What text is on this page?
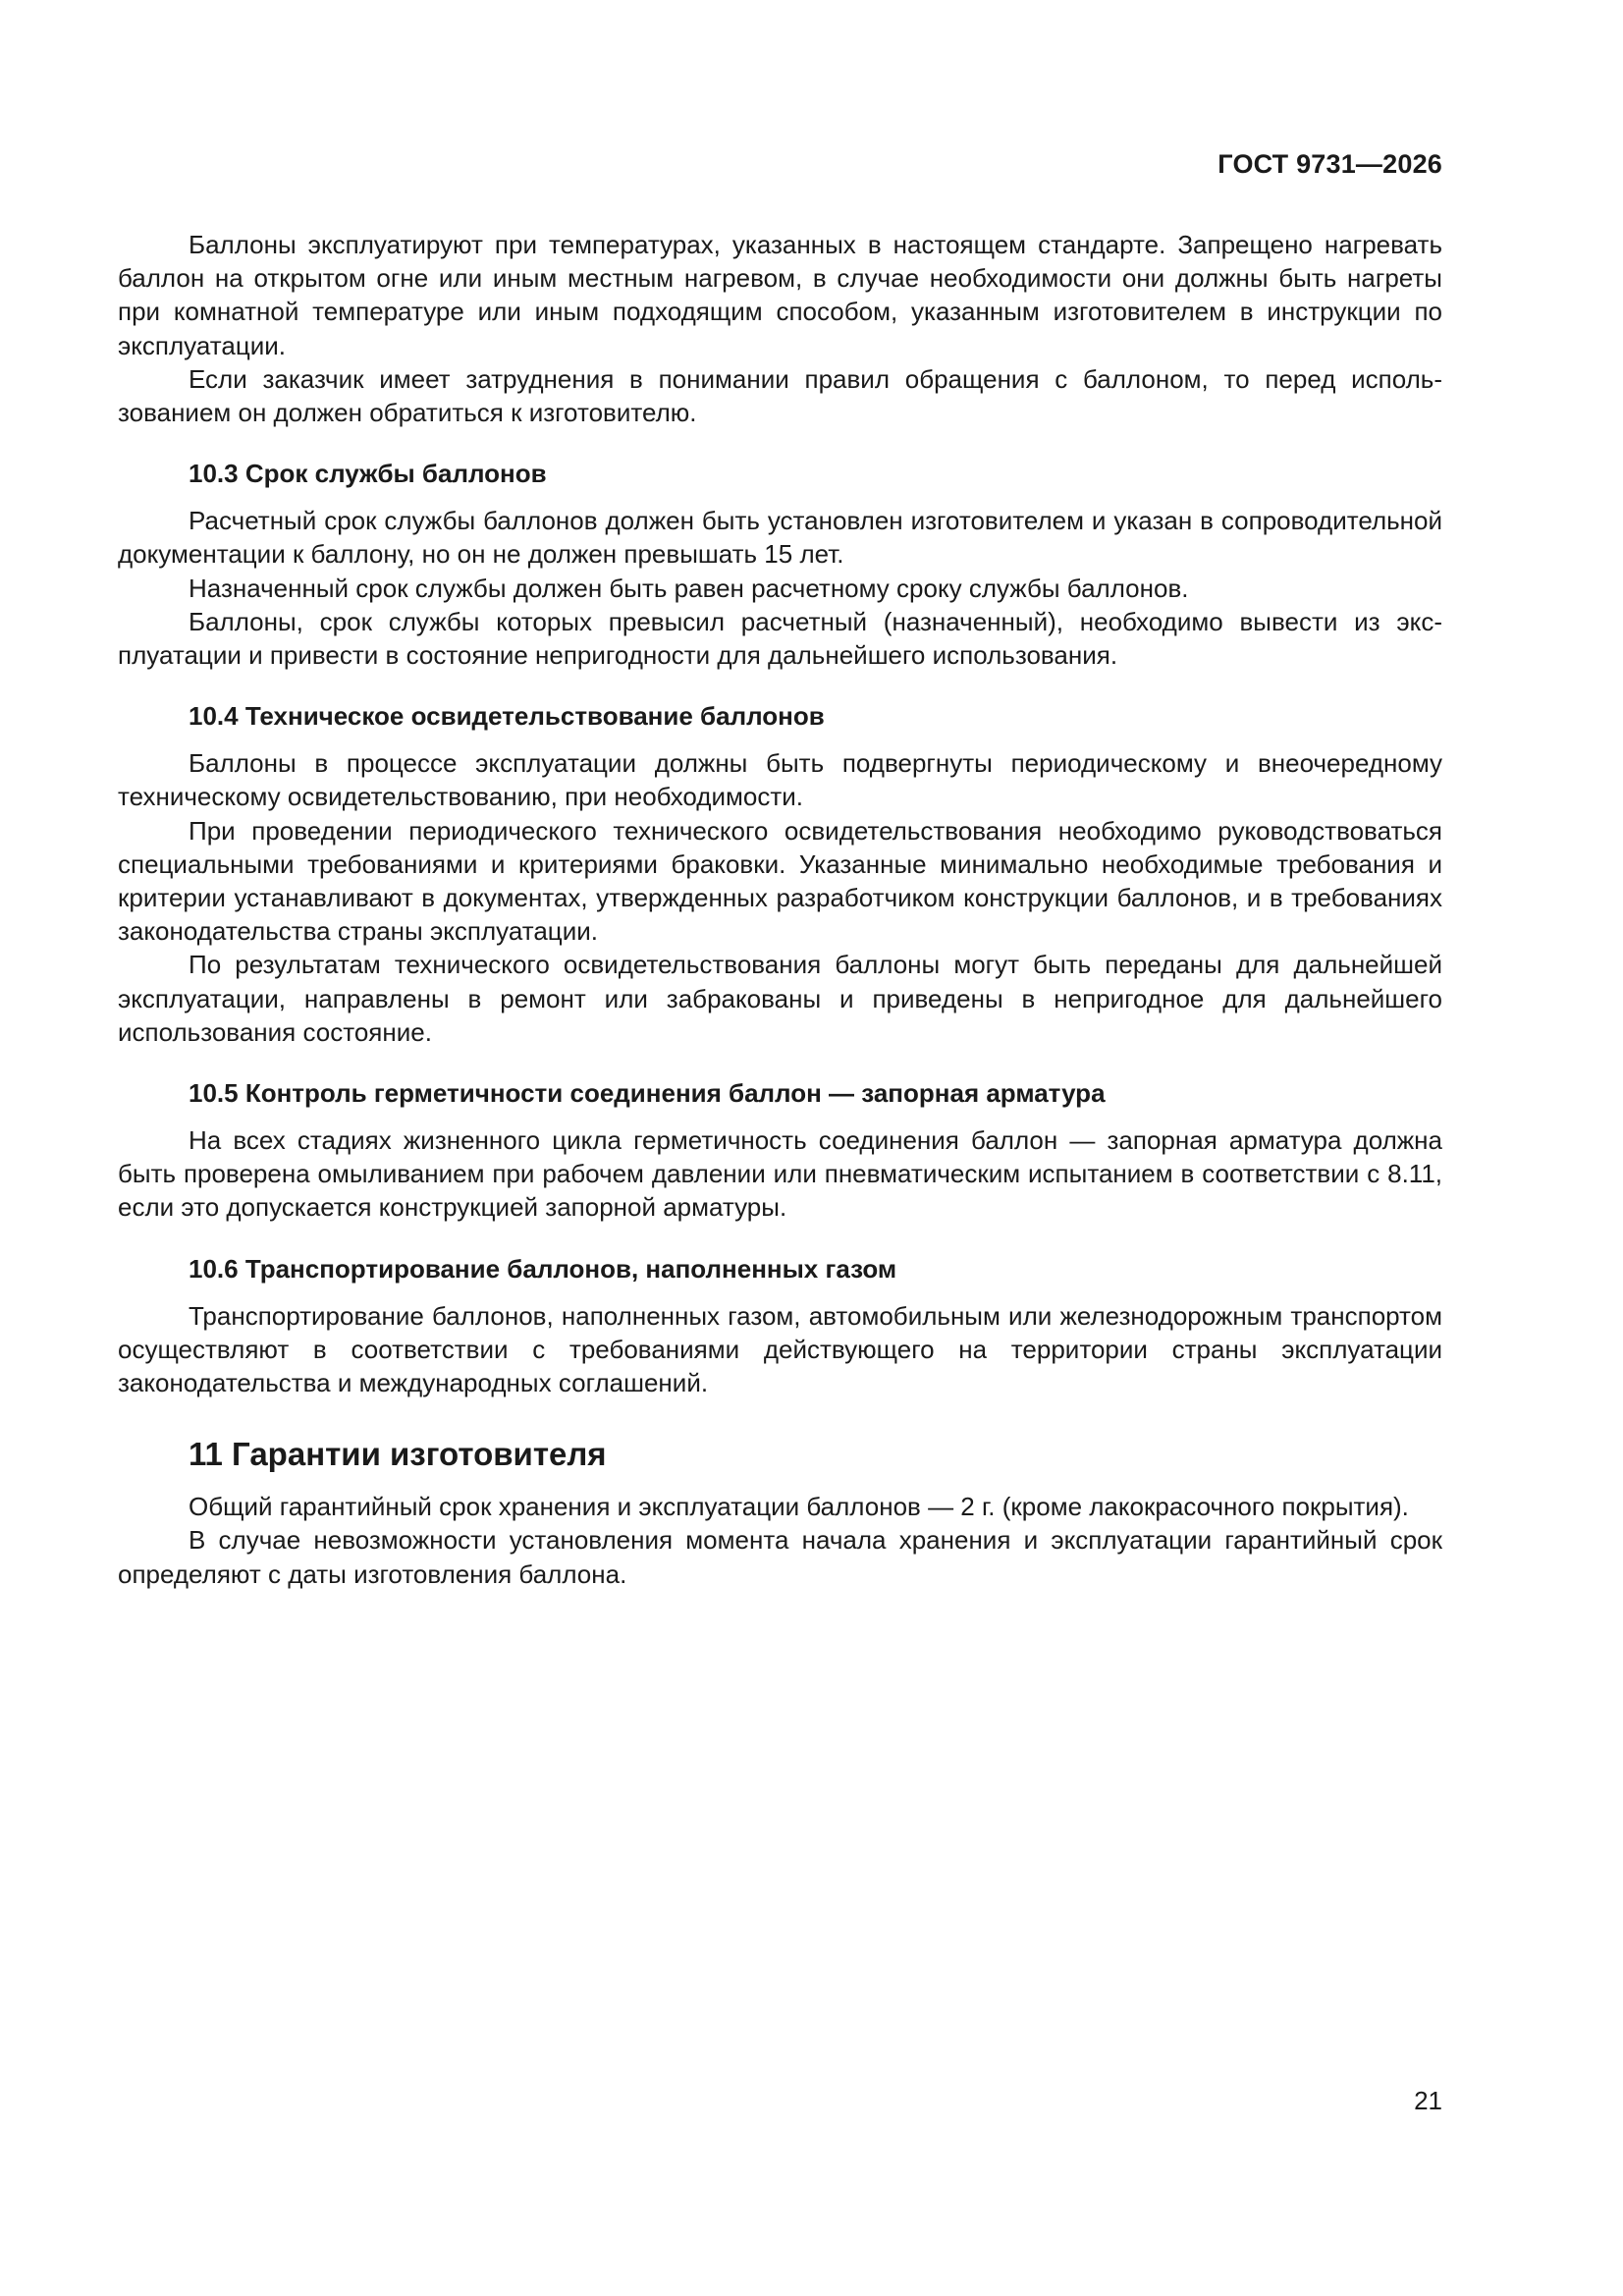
ГОСТ 9731—2026

Баллоны эксплуатируют при температурах, указанных в настоящем стандарте. Запрещено нагревать баллон на открытом огне или иным местным нагревом, в случае необходимости они должны быть нагреты при комнатной температуре или иным подходящим способом, указанным изготовителем в инструкции по эксплуатации.

Если заказчик имеет затруднения в понимании правил обращения с баллоном, то перед использованием он должен обратиться к изготовителю.

10.3 Срок службы баллонов

Расчетный срок службы баллонов должен быть установлен изготовителем и указан в сопроводительной документации к баллону, но он не должен превышать 15 лет.

Назначенный срок службы должен быть равен расчетному сроку службы баллонов.

Баллоны, срок службы которых превысил расчетный (назначенный), необходимо вывести из эксплуатации и привести в состояние непригодности для дальнейшего использования.

10.4 Техническое освидетельствование баллонов

Баллоны в процессе эксплуатации должны быть подвергнуты периодическому и внеочередному техническому освидетельствованию, при необходимости.

При проведении периодического технического освидетельствования необходимо руководствоваться специальными требованиями и критериями браковки. Указанные минимально необходимые требования и критерии устанавливают в документах, утвержденных разработчиком конструкции баллонов, и в требованиях законодательства страны эксплуатации.

По результатам технического освидетельствования баллоны могут быть переданы для дальнейшей эксплуатации, направлены в ремонт или забракованы и приведены в непригодное для дальнейшего использования состояние.

10.5 Контроль герметичности соединения баллон — запорная арматура

На всех стадиях жизненного цикла герметичность соединения баллон — запорная арматура должна быть проверена омыливанием при рабочем давлении или пневматическим испытанием в соответствии с 8.11, если это допускается конструкцией запорной арматуры.

10.6 Транспортирование баллонов, наполненных газом

Транспортирование баллонов, наполненных газом, автомобильным или железнодорожным транспортом осуществляют в соответствии с требованиями действующего на территории страны эксплуатации законодательства и международных соглашений.

11 Гарантии изготовителя

Общий гарантийный срок хранения и эксплуатации баллонов — 2 г. (кроме лакокрасочного покрытия).

В случае невозможности установления момента начала хранения и эксплуатации гарантийный срок определяют с даты изготовления баллона.

21
